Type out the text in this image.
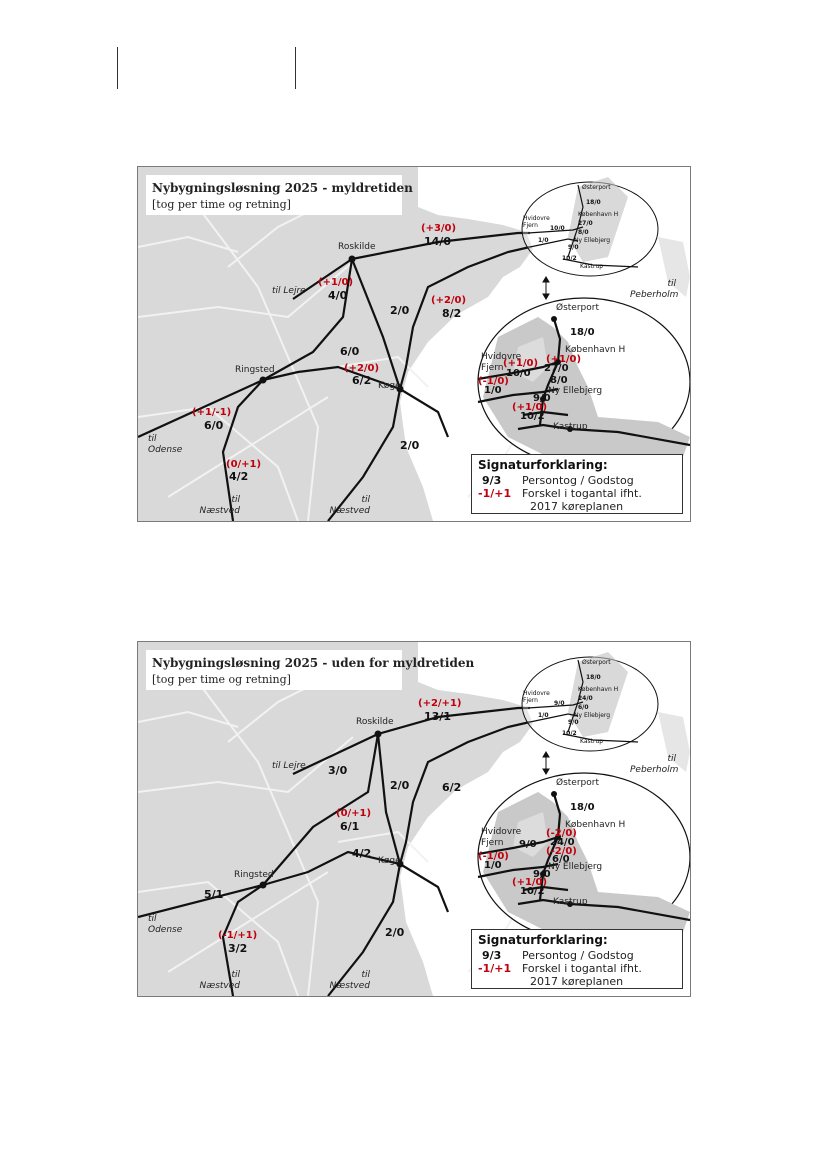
Nybygningsløsning 2025 - myldretiden
[tog per time og retning]
Roskilde
Ringsted
Køge
til Lejre
til
Odense
til
Næstved
til
Næstved
til
Peberholm
(+3/0)
14/0
(+1/0)
4/0
2/0
(+2/0)
8/2
6/0
(+2/0)
6/2
(+1/-1)
6/0
(0/+1)
4/2
2/0
Østerport
18/0
København H
27/0
Hvidovre
Fjern	10/0
8/0
1/0	Ny Ellebjerg
9/0
10/2
Kastrup
Østerport
18/0
København H
(+1/0)
27/0
Hvidovre
Fjern (+1/0)
10/0
(-1/0)
1/0
8/0
Ny Ellebjerg
9/0
(+1/0)
10/2
Kastrup
Signaturforklaring:
9/3 Persontog / Godstog
-1/+1 Forskel i togantal ifht.
2017 køreplanen
Nybygningsløsning 2025 - uden for myldretiden
[tog per time og retning]
Roskilde
Ringsted
Køge
til Lejre
til
Odense
til
Næstved
til
Næstved
til
Peberholm
(+2/+1)
13/1
3/0
2/0	6/2
(0/+1)
6/1
4/2
5/1
(-1/+1)
3/2
2/0
Østerport
18/0
København H
24/0
Hvidovre
Fjern	9/0
6/0
1/0	Ny Ellebjerg
9/0
10/2
Kastrup
Østerport
18/0
København H
(-2/0)
24/0
Hvidovre
Fjern	9/0
(-2/0)
6/0
(-1/0)
1/0	Ny Ellebjerg
9/0
(+1/0)
10/2
Kastrup
Signaturforklaring:
9/3 Persontog / Godstog
-1/+1 Forskel i togantal ifht.
2017 køreplanen
